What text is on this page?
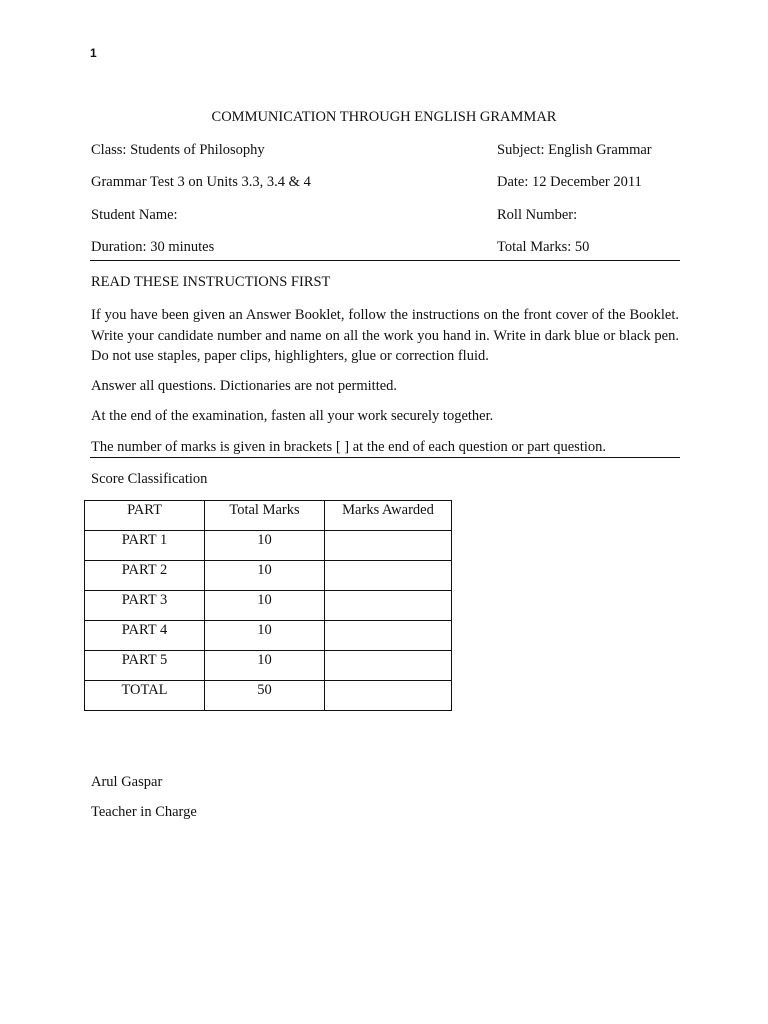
1
COMMUNICATION THROUGH ENGLISH GRAMMAR
Class: Students of Philosophy	Subject: English Grammar
Grammar Test 3 on Units 3.3, 3.4 & 4	Date: 12 December 2011
Student Name:	Roll Number:
Duration: 30 minutes	Total Marks: 50
READ THESE INSTRUCTIONS FIRST
If you have been given an Answer Booklet, follow the instructions on the front cover of the Booklet. Write your candidate number and name on all the work you hand in. Write in dark blue or black pen. Do not use staples, paper clips, highlighters, glue or correction fluid.
Answer all questions. Dictionaries are not permitted.
At the end of the examination, fasten all your work securely together.
The number of marks is given in brackets [ ] at the end of each question or part question.
Score Classification
PART	Total Marks	Marks Awarded
PART 1	10	
PART 2	10	
PART 3	10	
PART 4	10	
PART 5	10	
TOTAL	50	
Arul Gaspar
Teacher in Charge
